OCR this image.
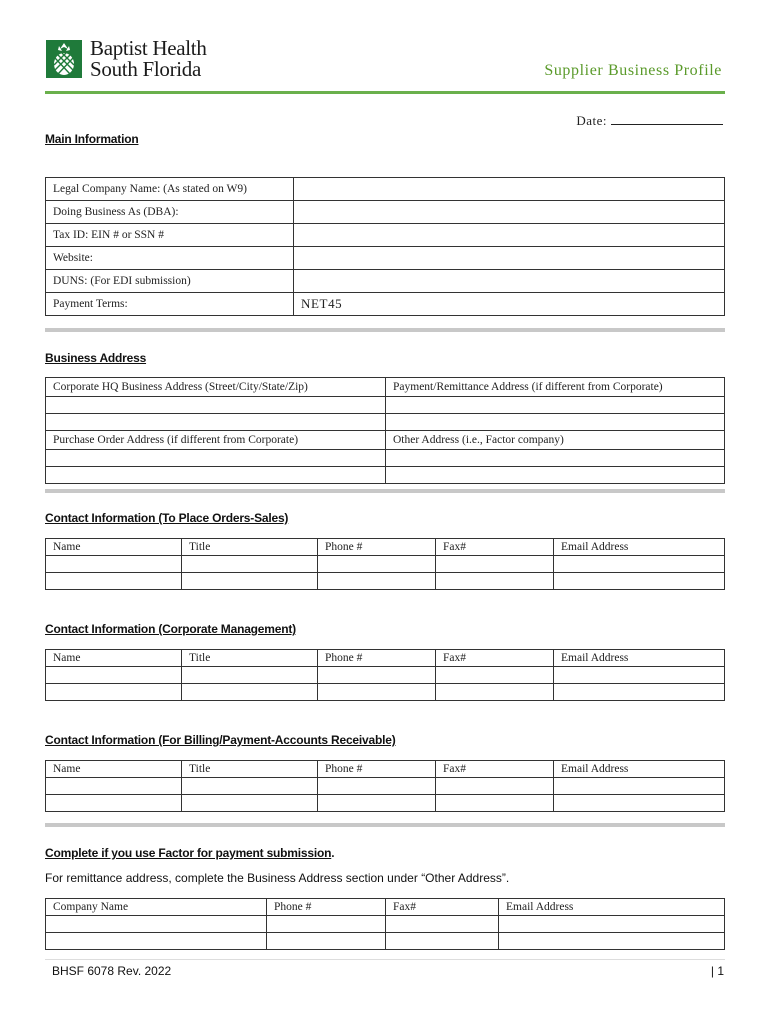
Baptist Health
South Florida	Supplier Business Profile
Date:
Main Information
Legal Company Name: (As stated on W9)	
Doing Business As (DBA):	
Tax ID: EIN # or SSN #	
Website:	
DUNS: (For EDI submission)	
Payment Terms:	NET45
Business Address
Corporate HQ Business Address (Street/City/State/Zip)	Payment/Remittance Address (if different from Corporate)

Purchase Order Address (if different from Corporate)	Other Address (i.e., Factor company)

Contact Information (To Place Orders-Sales)
Name	Title	Phone #	Fax#	Email Address

Contact Information (Corporate Management)
Name	Title	Phone #	Fax#	Email Address

Contact Information (For Billing/Payment-Accounts Receivable)
Name	Title	Phone #	Fax#	Email Address

Complete if you use Factor for payment submission.
For remittance address, complete the Business Address section under “Other Address”.
Company Name	Phone #	Fax#	Email Address

BHSF 6078 Rev. 2022	| 1
